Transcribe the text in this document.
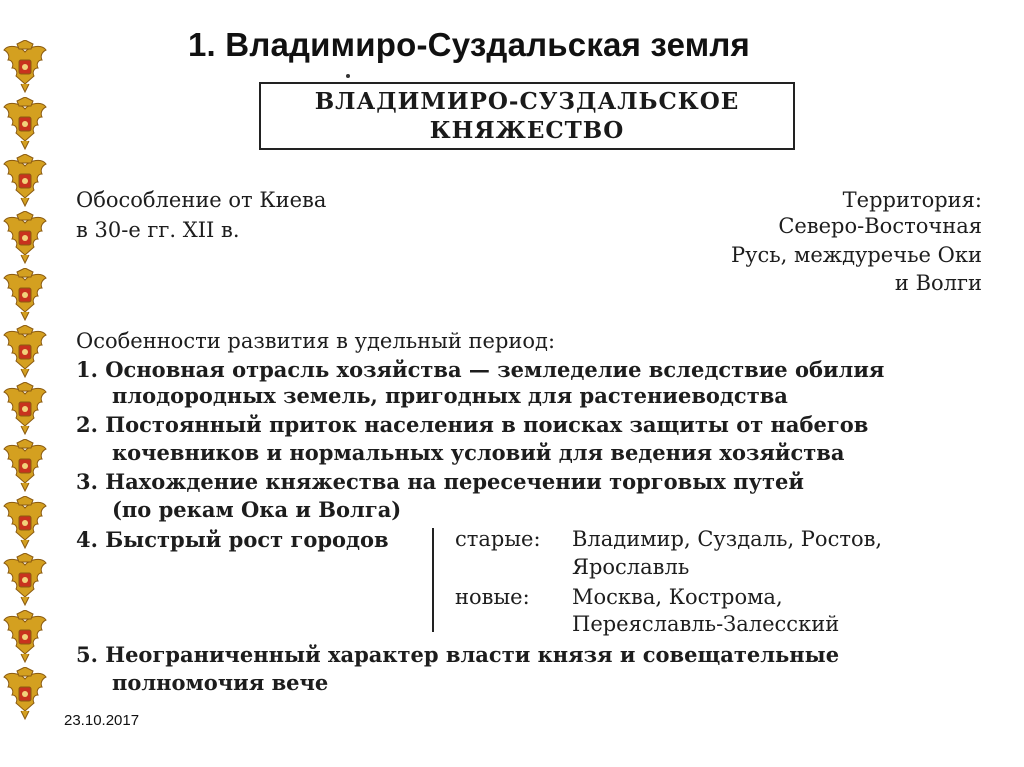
1. Владимиро-Суздальская земля
ВЛАДИМИРО-СУЗДАЛЬСКОЕ
КНЯЖЕСТВО
Обособление от Киева
в 30-е гг. XII в.
Территория:
Северо-Восточная
Русь, междуречье Оки
и Волги
Особенности развития в удельный период:
1. Основная отрасль хозяйства — земледелие вследствие обилия
плодородных земель, пригодных для растениеводства
2. Постоянный приток населения в поисках защиты от набегов
кочевников и нормальных условий для ведения хозяйства
3. Нахождение княжества на пересечении торговых путей
(по рекам Ока и Волга)
4. Быстрый рост городов	старые: Владимир, Суздаль, Ростов,
Ярославль
новые: Москва, Кострома,
Переяславль-Залесский
5. Неограниченный характер власти князя и совещательные
полномочия вече
23.10.2017
